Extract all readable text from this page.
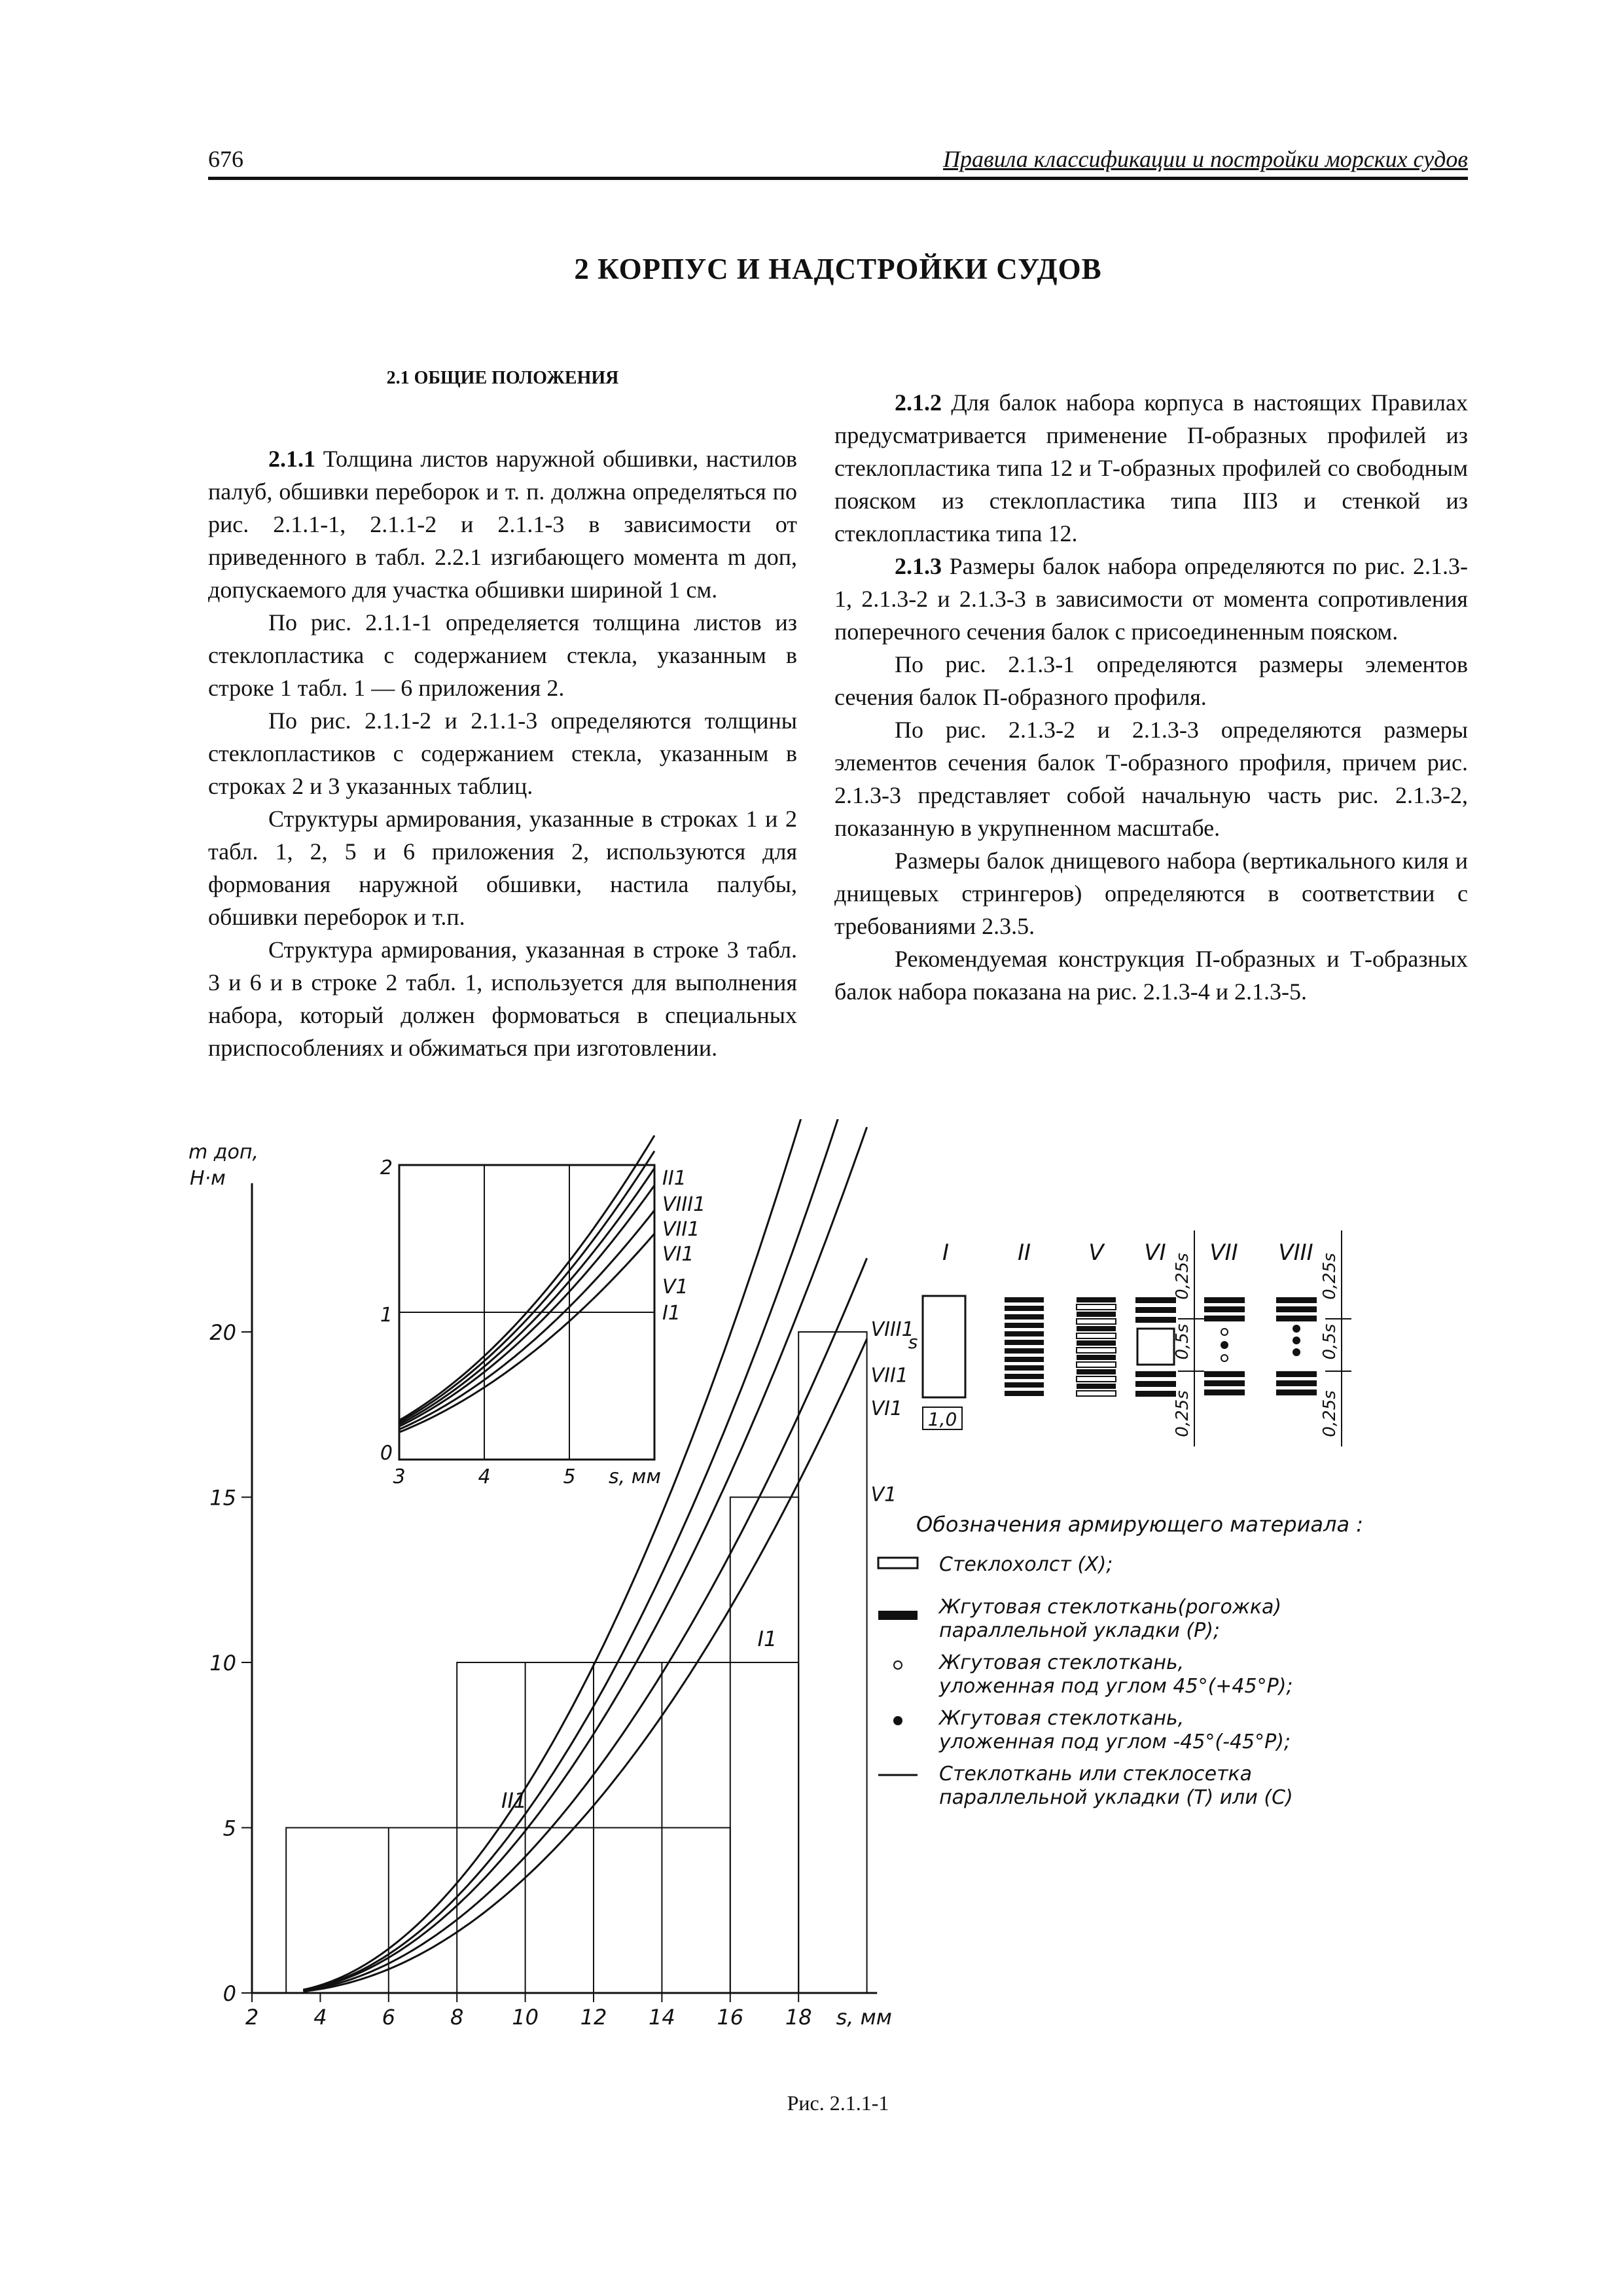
676	Правила классификации и постройки морских судов
2 КОРПУС И НАДСТРОЙКИ СУДОВ
2.1 ОБЩИЕ ПОЛОЖЕНИЯ

2.1.1 Толщина листов наружной обшивки, настилов палуб, обшивки переборок и т. п. должна определяться по рис. 2.1.1-1, 2.1.1-2 и 2.1.1-3 в зависимости от приведенного в табл. 2.2.1 изгибающего момента m доп, допускаемого для участка обшивки шириной 1 см.

По рис. 2.1.1-1 определяется толщина листов из стеклопластика с содержанием стекла, указанным в строке 1 табл. 1 — 6 приложения 2.

По рис. 2.1.1-2 и 2.1.1-3 определяются толщины стеклопластиков с содержанием стекла, указанным в строках 2 и 3 указанных таблиц.

Структуры армирования, указанные в строках 1 и 2 табл. 1, 2, 5 и 6 приложения 2, используются для формования наружной обшивки, настила палубы, обшивки переборок и т.п.

Структура армирования, указанная в строке 3 табл. 3 и 6 и в строке 2 табл. 1, используется для выполнения набора, который должен формоваться в специальных приспособлениях и обжиматься при изготовлении.

2.1.2 Для балок набора корпуса в настоящих Правилах предусматривается применение П-образных профилей из стеклопластика типа 12 и Т-образных профилей со свободным пояском из стеклопластика типа III3 и стенкой из стеклопластика типа 12.

2.1.3 Размеры балок набора определяются по рис. 2.1.3-1, 2.1.3-2 и 2.1.3-3 в зависимости от момента сопротивления поперечного сечения балок с присоединенным пояском.

По рис. 2.1.3-1 определяются размеры элементов сечения балок П-образного профиля.

По рис. 2.1.3-2 и 2.1.3-3 определяются размеры элементов сечения балок Т-образного профиля, причем рис. 2.1.3-3 представляет собой начальную часть рис. 2.1.3-2, показанную в укрупненном масштабе.

Размеры балок днищевого набора (вертикального киля и днищевых стрингеров) определяются в соответствии с требованиями 2.3.5.

Рекомендуемая конструкция П-образных и Т-образных балок набора показана на рис. 2.1.3-4 и 2.1.3-5.

0
5
10
15
20
2	4	6	8 10 12 14 16 18 s, мм
m доп,
Н·м
VIII1
VII1
VI1
V1
I1
II1
0
1
2
3	4	5 s, мм
II1
VIII1
VII1
VI1
V1
I1
I	II	V VI VII VIII
s
1,0
0,25s
0,5s
0,25s
0,25s
0,5s
0,25s
Обозначения армирующего материала :
Стеклохолст (Х);
Жгутовая стеклоткань(рогожка)
параллельной укладки (Р);
Жгутовая стеклоткань,
уложенная под углом 45°(+45°Р);
Жгутовая стеклоткань,
уложенная под углом -45°(-45°Р);
Стеклоткань или стеклосетка
параллельной укладки (Т) или (С)
Рис. 2.1.1-1
